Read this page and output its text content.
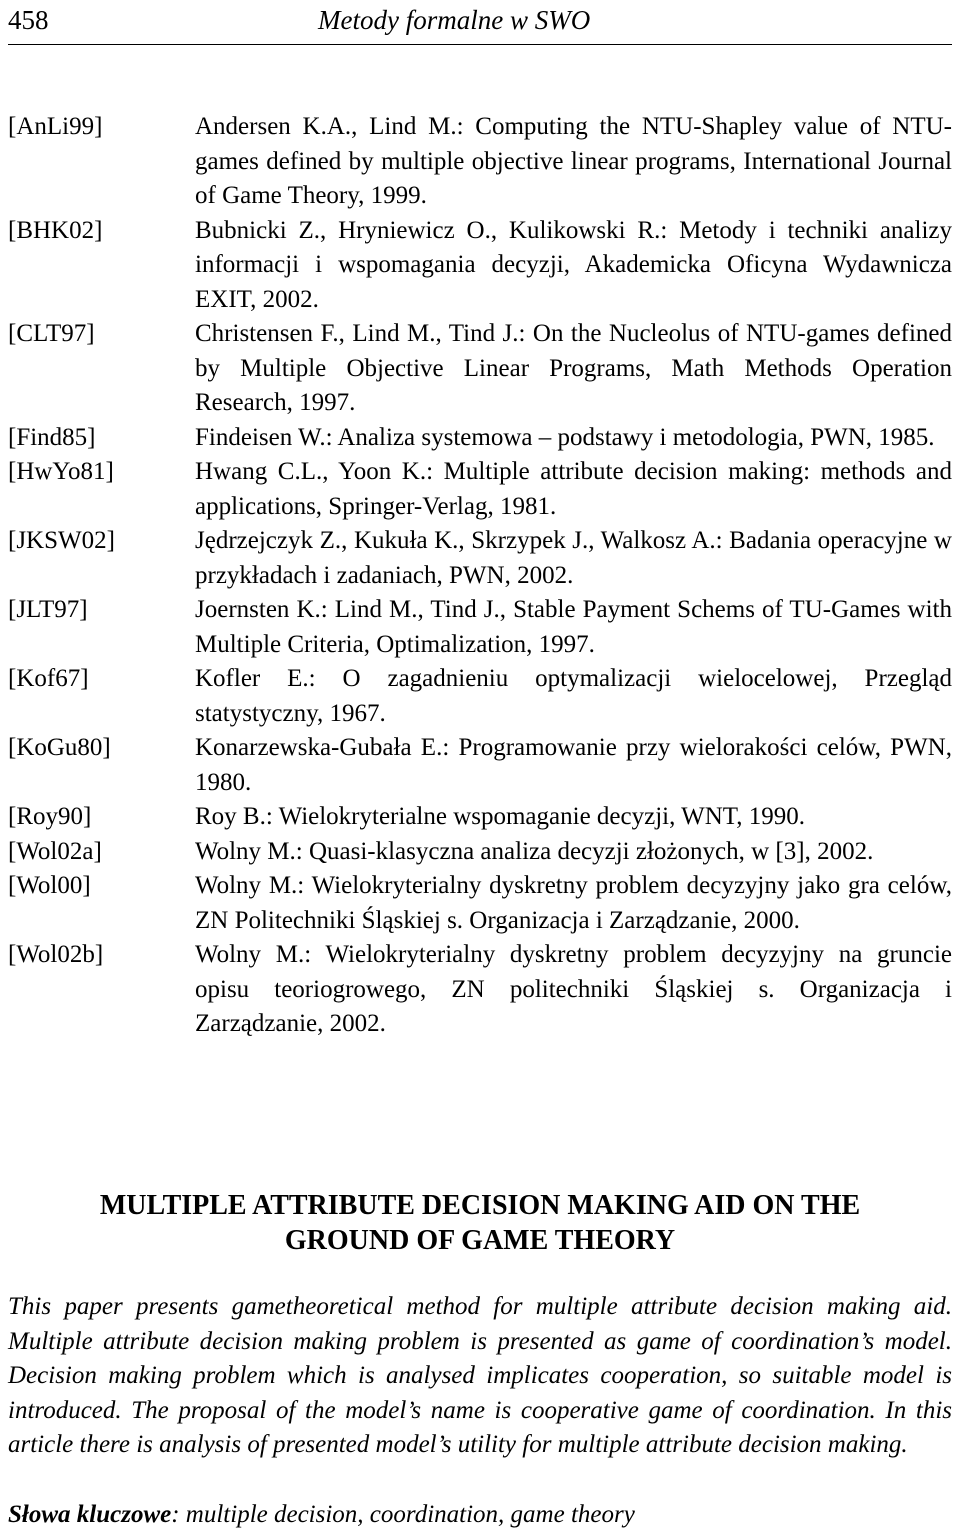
458	Metody formalne w SWO
[AnLi99]	Andersen K.A., Lind M.: Computing the NTU-Shapley value of NTU-games defined by multiple objective linear programs, International Journal of Game Theory, 1999.
[BHK02]	Bubnicki Z., Hryniewicz O., Kulikowski R.: Metody i techniki analizy informacji i wspomagania decyzji, Akademicka Oficyna Wydawnicza EXIT, 2002.
[CLT97]	Christensen F., Lind M., Tind J.: On the Nucleolus of NTU-games defined by Multiple Objective Linear Programs, Math Methods Operation Research, 1997.
[Find85]	Findeisen W.: Analiza systemowa – podstawy i metodologia, PWN, 1985.
[HwYo81]	Hwang C.L., Yoon K.: Multiple attribute decision making: methods and applications, Springer-Verlag, 1981.
[JKSW02]	Jędrzejczyk Z., Kukuła K., Skrzypek J., Walkosz A.: Badania operacyjne w przykładach i zadaniach, PWN, 2002.
[JLT97]	Joernsten K.: Lind M., Tind J., Stable Payment Schems of TU-Games with Multiple Criteria, Optimalization, 1997.
[Kof67]	Kofler E.: O zagadnieniu optymalizacji wielocelowej, Przegląd statystyczny, 1967.
[KoGu80]	Konarzewska-Gubała E.: Programowanie przy wielorakości celów, PWN, 1980.
[Roy90]	Roy B.: Wielokryterialne wspomaganie decyzji, WNT, 1990.
[Wol02a]	Wolny M.: Quasi-klasyczna analiza decyzji złożonych, w [3], 2002.
[Wol00]	Wolny M.: Wielokryterialny dyskretny problem decyzyjny jako gra celów, ZN Politechniki Śląskiej s. Organizacja i Zarządzanie, 2000.
[Wol02b]	Wolny M.: Wielokryterialny dyskretny problem decyzyjny na gruncie opisu teoriogrowego, ZN politechniki Śląskiej s. Organizacja i Zarządzanie, 2002.
MULTIPLE ATTRIBUTE DECISION MAKING AID ON THE
GROUND OF GAME THEORY
This paper presents gametheoretical method for multiple attribute decision making aid. Multiple attribute decision making problem is presented as game of coordination’s model. Decision making problem which is analysed implicates cooperation, so suitable model is introduced. The proposal of the model’s name is cooperative game of coordination. In this article there is analysis of presented model’s utility for multiple attribute decision making.
Słowa kluczowe: multiple decision, coordination, game theory
